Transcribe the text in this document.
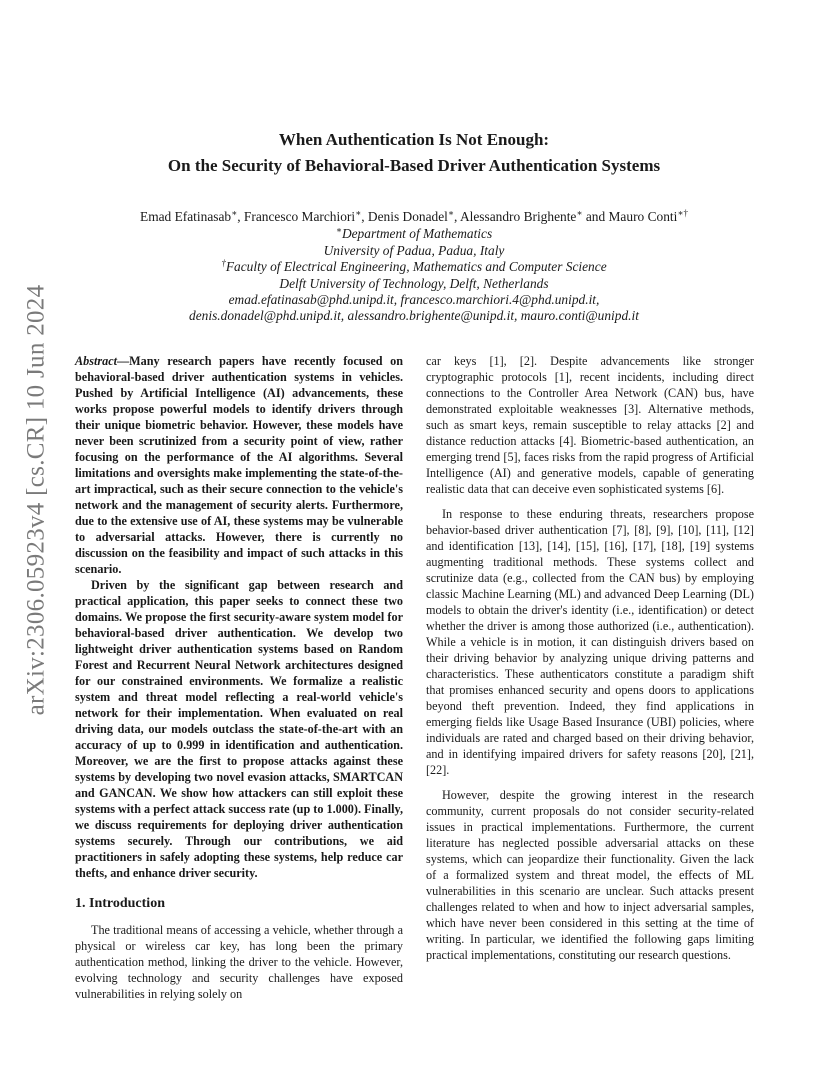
arXiv:2306.05923v4 [cs.CR] 10 Jun 2024
When Authentication Is Not Enough:
On the Security of Behavioral-Based Driver Authentication Systems
Emad Efatinasab∗, Francesco Marchiori∗, Denis Donadel∗, Alessandro Brighente∗ and Mauro Conti∗†
∗Department of Mathematics
University of Padua, Padua, Italy
†Faculty of Electrical Engineering, Mathematics and Computer Science
Delft University of Technology, Delft, Netherlands
emad.efatinasab@phd.unipd.it, francesco.marchiori.4@phd.unipd.it,
denis.donadel@phd.unipd.it, alessandro.brighente@unipd.it, mauro.conti@unipd.it

Abstract—Many research papers have recently focused on behavioral-based driver authentication systems in vehicles. Pushed by Artificial Intelligence (AI) advancements, these works propose powerful models to identify drivers through their unique biometric behavior. However, these models have never been scrutinized from a security point of view, rather focusing on the performance of the AI algorithms. Several limitations and oversights make implementing the state-of-the-art impractical, such as their secure connection to the vehicle's network and the management of security alerts. Furthermore, due to the extensive use of AI, these systems may be vulnerable to adversarial attacks. However, there is currently no discussion on the feasibility and impact of such attacks in this scenario.

Driven by the significant gap between research and practical application, this paper seeks to connect these two domains. We propose the first security-aware system model for behavioral-based driver authentication. We develop two lightweight driver authentication systems based on Random Forest and Recurrent Neural Network architectures designed for our constrained environments. We formalize a realistic system and threat model reflecting a real-world vehicle's network for their implementation. When evaluated on real driving data, our models outclass the state-of-the-art with an accuracy of up to 0.999 in identification and authentication. Moreover, we are the first to propose attacks against these systems by developing two novel evasion attacks, SMARTCAN and GANCAN. We show how attackers can still exploit these systems with a perfect attack success rate (up to 1.000). Finally, we discuss requirements for deploying driver authentication systems securely. Through our contributions, we aid practitioners in safely adopting these systems, help reduce car thefts, and enhance driver security.

1. Introduction

The traditional means of accessing a vehicle, whether through a physical or wireless car key, has long been the primary authentication method, linking the driver to the vehicle. However, evolving technology and security challenges have exposed vulnerabilities in relying solely on

car keys [1], [2]. Despite advancements like stronger cryptographic protocols [1], recent incidents, including direct connections to the Controller Area Network (CAN) bus, have demonstrated exploitable weaknesses [3]. Alternative methods, such as smart keys, remain susceptible to relay attacks [2] and distance reduction attacks [4]. Biometric-based authentication, an emerging trend [5], faces risks from the rapid progress of Artificial Intelligence (AI) and generative models, capable of generating realistic data that can deceive even sophisticated systems [6].

In response to these enduring threats, researchers propose behavior-based driver authentication [7], [8], [9], [10], [11], [12] and identification [13], [14], [15], [16], [17], [18], [19] systems augmenting traditional methods. These systems collect and scrutinize data (e.g., collected from the CAN bus) by employing classic Machine Learning (ML) and advanced Deep Learning (DL) models to obtain the driver's identity (i.e., identification) or detect whether the driver is among those authorized (i.e., authentication). While a vehicle is in motion, it can distinguish drivers based on their driving behavior by analyzing unique driving patterns and characteristics. These authenticators constitute a paradigm shift that promises enhanced security and opens doors to applications beyond theft prevention. Indeed, they find applications in emerging fields like Usage Based Insurance (UBI) policies, where individuals are rated and charged based on their driving behavior, and in identifying impaired drivers for safety reasons [20], [21], [22].

However, despite the growing interest in the research community, current proposals do not consider security-related issues in practical implementations. Furthermore, the current literature has neglected possible adversarial attacks on these systems, which can jeopardize their functionality. Given the lack of a formalized system and threat model, the effects of ML vulnerabilities in this scenario are unclear. Such attacks present challenges related to when and how to inject adversarial samples, which have never been considered in this setting at the time of writing. In particular, we identified the following gaps limiting practical implementations, constituting our research questions.
